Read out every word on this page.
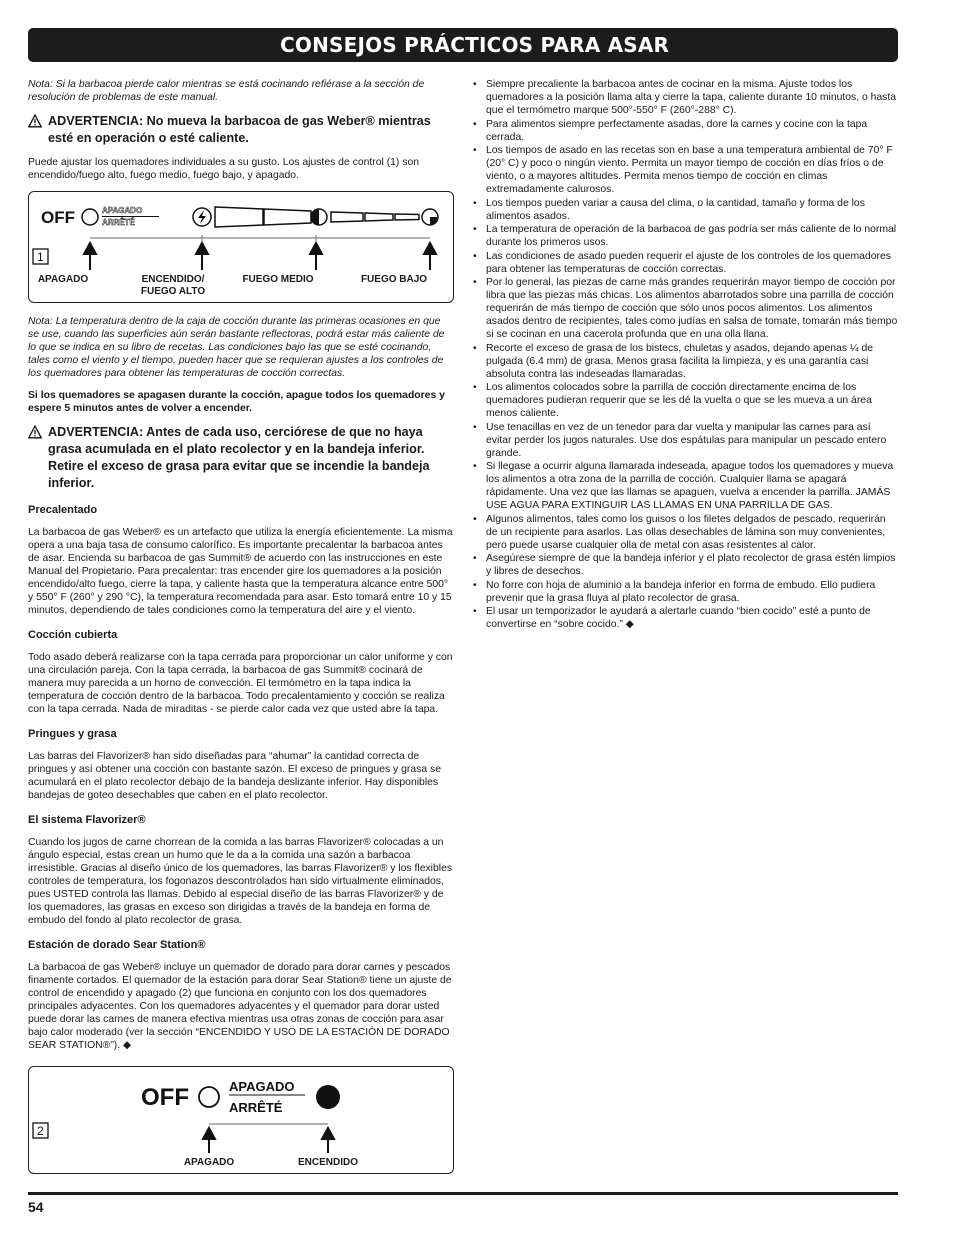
CONSEJOS PRÁCTICOS PARA ASAR

Nota: Si la barbacoa pierde calor mientras se está cocinando refiérase a la sección de resolución de problemas de este manual.

ADVERTENCIA: No mueva la barbacoa de gas Weber® mientras esté en operación o esté caliente.

Puede ajustar los quemadores individuales a su gusto. Los ajustes de control (1) son encendido/fuego alto, fuego medio, fuego bajo, y apagado.

OFF	APAGADO
ARRÊTÉ
1
APAGADO	ENCENDIDO/
FUEGO ALTO
FUEGO MEDIO	FUEGO BAJO

Nota: La temperatura dentro de la caja de cocción durante las primeras ocasiones en que se use, cuando las superficies aún serán bastante reflectoras, podrá estar más caliente de lo que se indica en su libro de recetas. Las condiciones bajo las que se esté cocinando, tales como el viento y el tiempo, pueden hacer que se requieran ajustes a los controles de los quemadores para obtener las temperaturas de cocción correctas.

Si los quemadores se apagasen durante la cocción, apague todos los quemadores y espere 5 minutos antes de volver a encender.

ADVERTENCIA: Antes de cada uso, cerciórese de que no haya grasa acumulada en el plato recolector y en la bandeja inferior. Retire el exceso de grasa para evitar que se incendie la bandeja inferior.
Precalentado

La barbacoa de gas Weber® es un artefacto que utiliza la energía eficientemente. La misma opera a una baja tasa de consumo calorífico. Es importante precalentar la barbacoa antes de asar. Encienda su barbacoa de gas Summit® de acuerdo con las instrucciones en este Manual del Propietario. Para precalentar: tras encender gire los quemadores a la posición encendido/alto fuego, cierre la tapa, y caliente hasta que la temperatura alcance entre 500° y 550° F (260° y 290 °C), la temperatura recomendada para asar. Esto tomará entre 10 y 15 minutos, dependiendo de tales condiciones como la temperatura del aire y el viento.

Cocción cubierta

Todo asado deberá realizarse con la tapa cerrada para proporcionar un calor uniforme y con una circulación pareja. Con la tapa cerrada, la barbacoa de gas Summit® cocinará de manera muy parecida a un horno de convección. El termómetro en la tapa indica la temperatura de cocción dentro de la barbacoa. Todo precalentamiento y cocción se realiza con la tapa cerrada. Nada de miraditas - se pierde calor cada vez que usted abre la tapa.

Pringues y grasa

Las barras del Flavorizer® han sido diseñadas para “ahumar” la cantidad correcta de pringues y así obtener una cocción con bastante sazón. El exceso de pringues y grasa se acumulará en el plato recolector debajo de la bandeja deslizante inferior. Hay disponibles bandejas de goteo desechables que caben en el plato recolector.

El sistema Flavorizer®

Cuando los jugos de carne chorrean de la comida a las barras Flavorizer® colocadas a un ángulo especial, estas crean un humo que le da a la comida una sazón a barbacoa irresistible. Gracias al diseño único de los quemadores, las barras Flavorizer® y los flexibles controles de temperatura, los fogonazos descontrolados han sido virtualmente eliminados, pues USTED controla las llamas. Debido al especial diseño de las barras Flavorizer® y de los quemadores, las grasas en exceso son dirigidas a través de la bandeja en forma de embudo del fondo al plato recolector de grasa.

Estación de dorado Sear Station®

La barbacoa de gas Weber® incluye un quemador de dorado para dorar carnes y pescados finamente cortados. El quemador de la estación para dorar Sear Station® tiene un ajuste de control de encendido y apagado (2) que funciona en conjunto con los dos quemadores principales adyacentes. Con los quemadores adyacentes y el quemador para dorar usted puede dorar las carnes de manera efectiva mientras usa otras zonas de cocción para asar bajo calor moderado (ver la sección “ENCENDIDO Y USO DE LA ESTACIÓN DE DORADO SEAR STATION®”). ◆

OFF	APAGADO
ARRÊTÉ
2
APAGADO	ENCENDIDO
• Siempre precaliente la barbacoa antes de cocinar en la misma. Ajuste todos los quemadores a la posición llama alta y cierre la tapa, caliente durante 10 minutos, o hasta que el termómetro marque 500°-550° F (260°-288° C).
• Para alimentos siempre perfectamente asadas, dore la carnes y cocine con la tapa cerrada.
• Los tiempos de asado en las recetas son en base a una temperatura ambiental de 70° F (20° C) y poco o ningún viento. Permita un mayor tiempo de cocción en días fríos o de viento, o a mayores altitudes. Permita menos tiempo de cocción en climas extremadamente calurosos.
• Los tiempos pueden variar a causa del clima, o la cantidad, tamaño y forma de los alimentos asados.
• La temperatura de operación de la barbacoa de gas podría ser más caliente de lo normal durante los primeros usos.
• Las condiciones de asado pueden requerir el ajuste de los controles de los quemadores para obtener las temperaturas de cocción correctas.
• Por lo general, las piezas de carne más grandes requerirán mayor tiempo de cocción por libra que las piezas más chicas. Los alimentos abarrotados sobre una parrilla de cocción requerirán de más tiempo de cocción que sólo unos pocos alimentos. Los alimentos asados dentro de recipientes, tales como judías en salsa de tomate, tomarán más tiempo si se cocinan en una cacerola profunda que en una olla llana.
• Recorte el exceso de grasa de los bistecs, chuletas y asados, dejando apenas ¼ de pulgada (6.4 mm) de grasa. Menos grasa facilita la limpieza, y es una garantía casi absoluta contra las indeseadas llamaradas.
• Los alimentos colocados sobre la parrilla de cocción directamente encima de los quemadores pudieran requerir que se les dé la vuelta o que se les mueva a un área menos caliente.
• Use tenacillas en vez de un tenedor para dar vuelta y manipular las carnes para así evitar perder los jugos naturales. Use dos espátulas para manipular un pescado entero grande.
• Si llegase a ocurrir alguna llamarada indeseada, apague todos los quemadores y mueva los alimentos a otra zona de la parrilla de cocción. Cualquier llama se apagará rápidamente. Una vez que las llamas se apaguen, vuelva a encender la parrilla. JAMÁS USE AGUA PARA EXTINGUIR LAS LLAMAS EN UNA PARRILLA DE GAS.
• Algunos alimentos, tales como los guisos o los filetes delgados de pescado, requerirán de un recipiente para asarlos. Las ollas desechables de lámina son muy convenientes, pero puede usarse cualquier olla de metal con asas resistentes al calor.
• Asegúrese siempre de que la bandeja inferior y el plato recolector de grasa estén limpios y libres de desechos.
• No forre con hoja de aluminio a la bandeja inferior en forma de embudo. Ello pudiera prevenir que la grasa fluya al plato recolector de grasa.
• El usar un temporizador le ayudará a alertarle cuando “bien cocido” esté a punto de convertirse en “sobre cocido.” ◆
54
